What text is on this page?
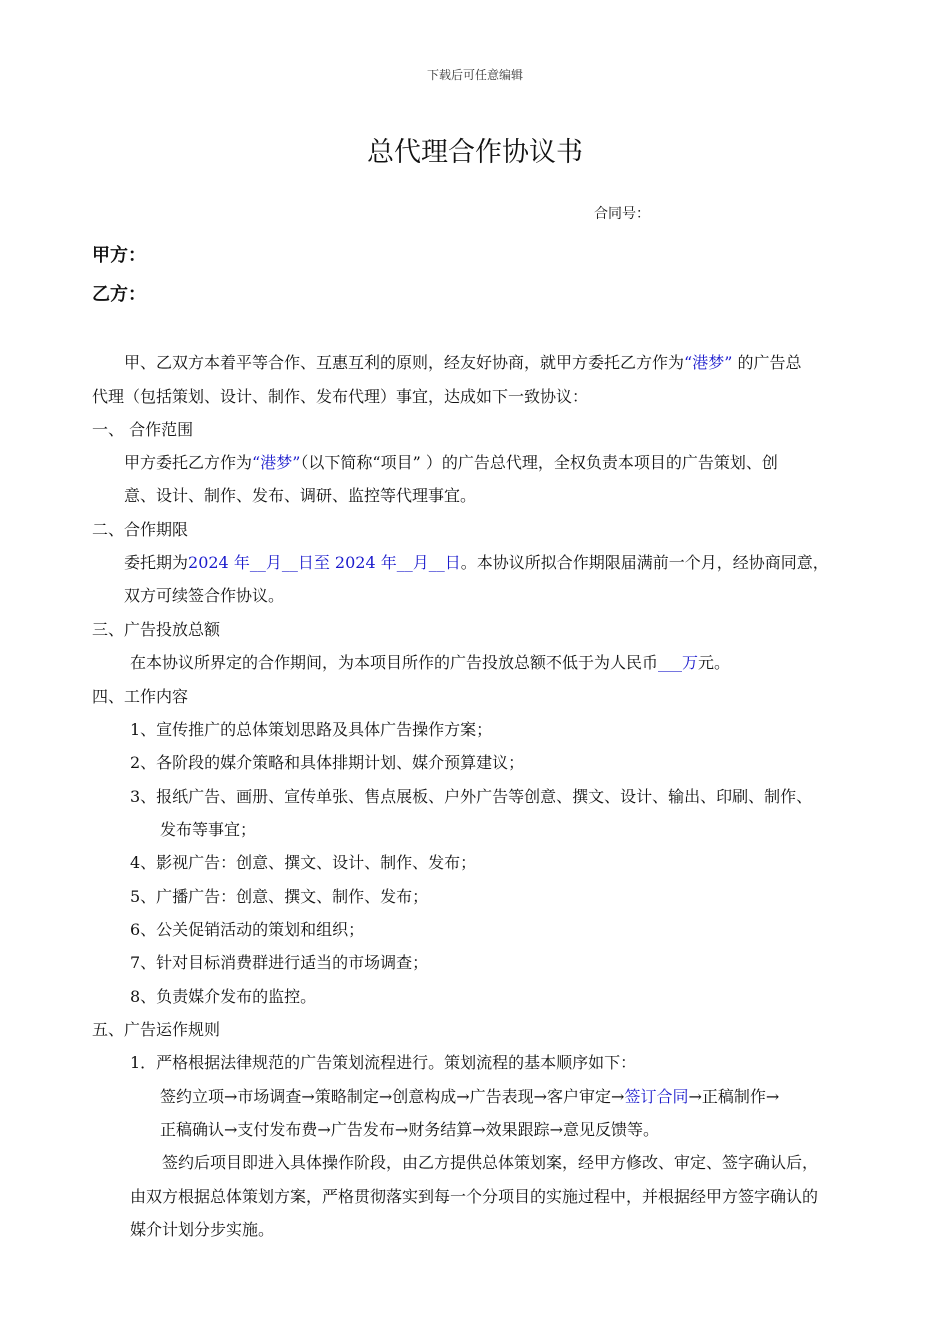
下载后可任意编辑
总代理合作协议书
合同号：
甲方：
乙方：
甲、乙双方本着平等合作、互惠互利的原则，经友好协商，就甲方委托乙方作为“港梦” 的广告总
代理（包括策划、设计、制作、发布代理）事宜，达成如下一致协议：
一、 合作范围
甲方委托乙方作为“港梦”（以下简称“项目” ）的广告总代理，全权负责本项目的广告策划、创
意、设计、制作、发布、调研、监控等代理事宜。
二、合作期限
委托期为2024 年__月__日至 2024 年__月__日。本协议所拟合作期限届满前一个月，经协商同意，
双方可续签合作协议。
三、广告投放总额
在本协议所界定的合作期间，为本项目所作的广告投放总额不低于为人民币___万元。
四、工作内容
1、宣传推广的总体策划思路及具体广告操作方案；
2、各阶段的媒介策略和具体排期计划、媒介预算建议；
3、报纸广告、画册、宣传单张、售点展板、户外广告等创意、撰文、设计、输出、印刷、制作、
发布等事宜；
4、影视广告：创意、撰文、设计、制作、发布；
5、广播广告：创意、撰文、制作、发布；
6、公关促销活动的策划和组织；
7、针对目标消费群进行适当的市场调查；
8、负责媒介发布的监控。
五、广告运作规则
1．严格根据法律规范的广告策划流程进行。策划流程的基本顺序如下：
签约立项→市场调查→策略制定→创意构成→广告表现→客户审定→签订合同→正稿制作→
正稿确认→支付发布费→广告发布→财务结算→效果跟踪→意见反馈等。
签约后项目即进入具体操作阶段，由乙方提供总体策划案，经甲方修改、审定、签字确认后，
由双方根据总体策划方案，严格贯彻落实到每一个分项目的实施过程中，并根据经甲方签字确认的
媒介计划分步实施。
